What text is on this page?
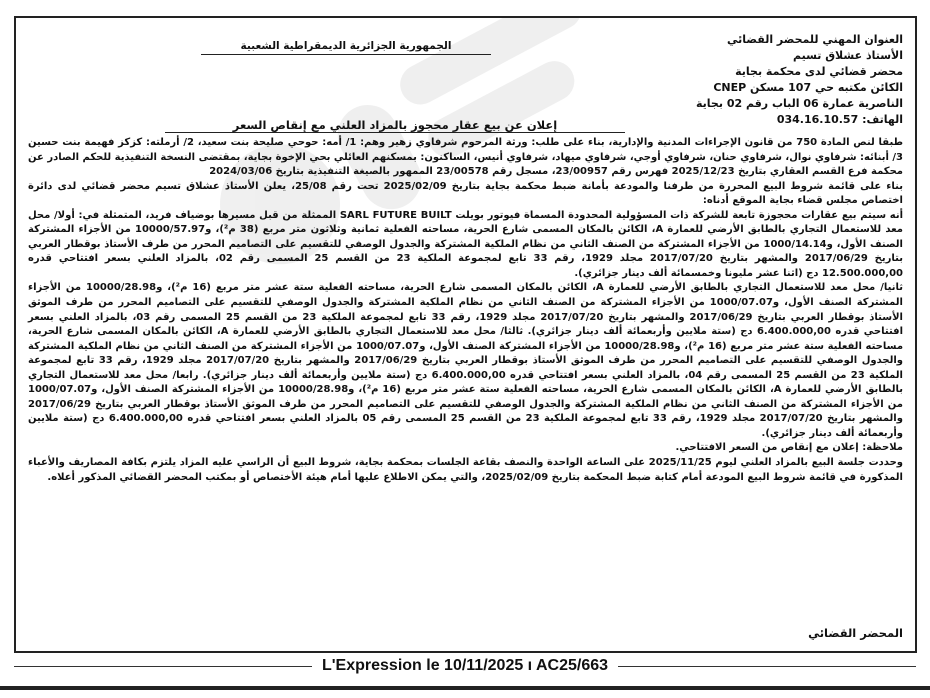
الجمهورية الجزائرية الديمقراطية الشعبية	العنوان المهني للمحضر القضائي
الأستاذ عشلاق تسيم
محضر قضائي لدى محكمة بجاية
الكائن مكتبه حي 107 مسكن CNEP
الناصرية عمارة 06 الباب رقم 02 بجاية
الهاتف: 034.16.10.57
إعلان عن بيع عقار محجوز بالمزاد العلني مع إنقاص السعر

طبقا لنص المادة 750 من قانون الإجراءات المدنية والإدارية، بناء على طلب: ورثة المرحوم شرفاوي زهير وهم: 1/ أمه: حوحي صليحة بنت سعيد، 2/ أرملته: كزكز فهيمة بنت حسين 3/ أبنائه: شرفاوي نوال، شرفاوي حنان، شرفاوي أوجي، شرفاوي ميهاد، شرفاوي أنيس، الساكنون: بمسكنهم العائلي بحي الإخوة بجاية، بمقتضى النسخة التنفيذية للحكم الصادر عن محكمة فرع القسم العقاري بتاريخ 2025/12/23 فهرس رقم 23/00957، مسجل رقم 23/00578 الممهور بالصيغة التنفيذية بتاريخ 2024/03/06

بناء على قائمة شروط البيع المحررة من طرفنا والمودعة بأمانة ضبط محكمة بجاية بتاريخ 2025/02/09 تحت رقم 25/08، يعلن الأستاذ عشلاق تسيم محضر قضائي لدى دائرة اختصاص مجلس قضاء بجاية الموقع أدناه:

أنه سيتم بيع عقارات محجوزة تابعة للشركة ذات المسؤولية المحدودة المسماة فيوتور بويلت SARL FUTURE BUILT الممثلة من قبل مسيرها بوضياف فريد، المتمثلة في: أولا/ محل معد للاستعمال التجاري بالطابق الأرضي للعمارة A، الكائن بالمكان المسمى شارع الحرية، مساحته الفعلية ثمانية وثلاثون متر مربع (38 م²)، و10000/57.97 من الأجزاء المشتركة الصنف الأول، و1000/14.14 من الأجزاء المشتركة من الصنف الثاني من نظام الملكية المشتركة والجدول الوصفي للتقسيم على التصاميم المحرر من طرف الأستاذ بوقطار العربي بتاريخ 2017/06/29 والمشهر بتاريخ 2017/07/20 مجلد 1929، رقم 33 تابع لمجموعة الملكية 23 من القسم 25 المسمى رقم 02، بالمزاد العلني بسعر افتتاحي قدره 12.500.000,00 دج (اثنا عشر مليونا وخمسمائة ألف دينار جزائري).

ثانيا/ محل معد للاستعمال التجاري بالطابق الأرضي للعمارة A، الكائن بالمكان المسمى شارع الحرية، مساحته الفعلية ستة عشر متر مربع (16 م²)، و10000/28.98 من الأجزاء المشتركة الصنف الأول، و1000/07.07 من الأجزاء المشتركة من الصنف الثاني من نظام الملكية المشتركة والجدول الوصفي للتقسيم على التصاميم المحرر من طرف الموثق الأستاذ بوقطار العربي بتاريخ 2017/06/29 والمشهر بتاريخ 2017/07/20 مجلد 1929، رقم 33 تابع لمجموعة الملكية 23 من القسم 25 المسمى رقم 03، بالمزاد العلني بسعر افتتاحي قدره 6.400.000,00 دج (ستة ملايين وأربعمائة ألف دينار جزائري). ثالثا/ محل معد للاستعمال التجاري بالطابق الأرضي للعمارة A، الكائن بالمكان المسمى شارع الحرية، مساحته الفعلية ستة عشر متر مربع (16 م²)، و10000/28.98 من الأجزاء المشتركة الصنف الأول، و1000/07.07 من الأجزاء المشتركة من الصنف الثاني من نظام الملكية المشتركة والجدول الوصفي للتقسيم على التصاميم المحرر من طرف الموثق الأستاذ بوقطار العربي بتاريخ 2017/06/29 والمشهر بتاريخ 2017/07/20 مجلد 1929، رقم 33 تابع لمجموعة الملكية 23 من القسم 25 المسمى رقم 04، بالمزاد العلني بسعر افتتاحي قدره 6.400.000,00 دج (ستة ملايين وأربعمائة ألف دينار جزائري). رابعا/ محل معد للاستعمال التجاري بالطابق الأرضي للعمارة A، الكائن بالمكان المسمى شارع الحرية، مساحته الفعلية ستة عشر متر مربع (16 م²)، و10000/28.98 من الأجزاء المشتركة الصنف الأول، و1000/07.07 من الأجزاء المشتركة من الصنف الثاني من نظام الملكية المشتركة والجدول الوصفي للتقسيم على التصاميم المحرر من طرف الموثق الأستاذ بوقطار العربي بتاريخ 2017/06/29 والمشهر بتاريخ 2017/07/20 مجلد 1929، رقم 33 تابع لمجموعة الملكية 23 من القسم 25 المسمى رقم 05 بالمزاد العلني بسعر افتتاحي قدره 6.400.000,00 دج (ستة ملايين وأربعمائة ألف دينار جزائري).

ملاحظة: إعلان مع إنقاص من السعر الافتتاحي.

وحددت جلسة البيع بالمزاد العلني ليوم 2025/11/25 على الساعة الواحدة والنصف بقاعة الجلسات بمحكمة بجاية، شروط البيع أن الراسي عليه المزاد يلتزم بكافة المصاريف والأعباء المذكورة في قائمة شروط البيع المودعة أمام كتابة ضبط المحكمة بتاريخ 2025/02/09، والتي يمكن الاطلاع عليها أمام هيئة الأختصاص أو بمكتب المحضر القضائي المذكور أعلاه.

المحضر القضائي
L'Expression le 10/11/2025 ı AC25/663
